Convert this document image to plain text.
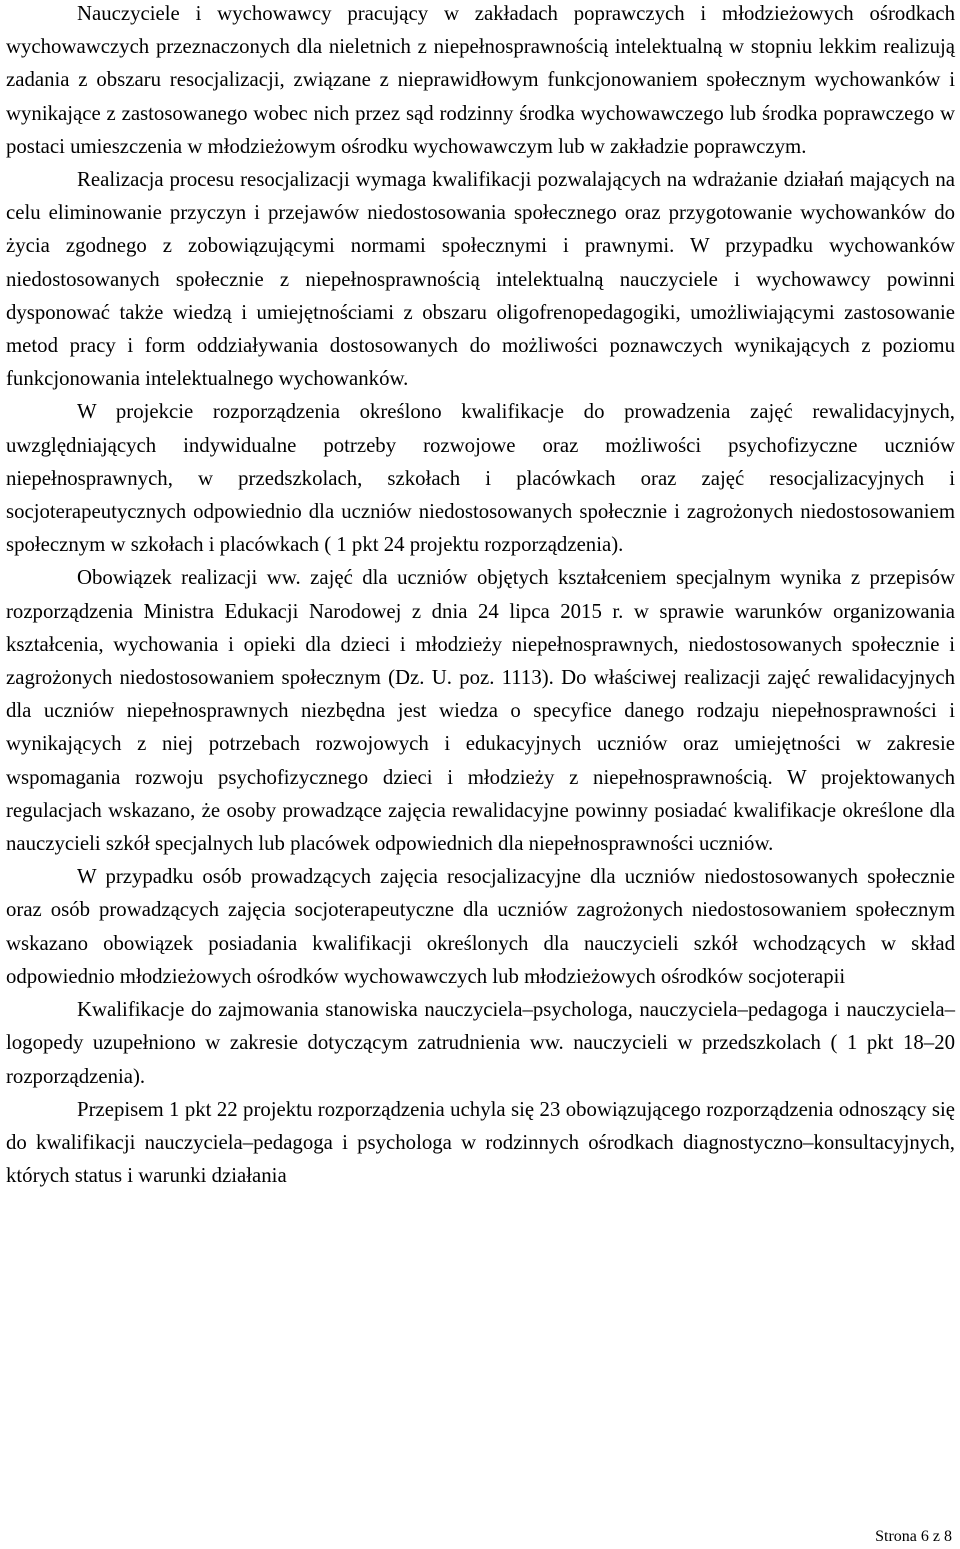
Nauczyciele i wychowawcy pracujący w zakładach poprawczych i młodzieżowych ośrodkach wychowawczych przeznaczonych dla nieletnich z niepełnosprawnością intelektualną w stopniu lekkim realizują zadania z obszaru resocjalizacji, związane z nieprawidłowym funkcjonowaniem społecznym wychowanków i wynikające z zastosowanego wobec nich przez sąd rodzinny środka wychowawczego lub środka poprawczego w postaci umieszczenia w młodzieżowym ośrodku wychowawczym lub w zakładzie poprawczym.

Realizacja procesu resocjalizacji wymaga kwalifikacji pozwalających na wdrażanie działań mających na celu eliminowanie przyczyn i przejawów niedostosowania społecznego oraz przygotowanie wychowanków do życia zgodnego z zobowiązującymi normami społecznymi i prawnymi. W przypadku wychowanków niedostosowanych społecznie z niepełnosprawnością intelektualną nauczyciele i wychowawcy powinni dysponować także wiedzą i umiejętnościami z obszaru oligofrenopedagogiki, umożliwiającymi zastosowanie metod pracy i form oddziaływania dostosowanych do możliwości poznawczych wynikających z poziomu funkcjonowania intelektualnego wychowanków.

W projekcie rozporządzenia określono kwalifikacje do prowadzenia zajęć rewalidacyjnych, uwzględniających indywidualne potrzeby rozwojowe oraz możliwości psychofizyczne uczniów niepełnosprawnych, w przedszkolach, szkołach i placówkach oraz zajęć resocjalizacyjnych i socjoterapeutycznych odpowiednio dla uczniów niedostosowanych społecznie i zagrożonych niedostosowaniem społecznym w szkołach i placówkach ( 1 pkt 24 projektu rozporządzenia).

Obowiązek realizacji ww. zajęć dla uczniów objętych kształceniem specjalnym wynika z przepisów rozporządzenia Ministra Edukacji Narodowej z dnia 24 lipca 2015 r. w sprawie warunków organizowania kształcenia, wychowania i opieki dla dzieci i młodzieży niepełnosprawnych, niedostosowanych społecznie i zagrożonych niedostosowaniem społecznym (Dz. U. poz. 1113). Do właściwej realizacji zajęć rewalidacyjnych dla uczniów niepełnosprawnych niezbędna jest wiedza o specyfice danego rodzaju niepełnosprawności i wynikających z niej potrzebach rozwojowych i edukacyjnych uczniów oraz umiejętności w zakresie wspomagania rozwoju psychofizycznego dzieci i młodzieży z niepełnosprawnością. W projektowanych regulacjach wskazano, że osoby prowadzące zajęcia rewalidacyjne powinny posiadać kwalifikacje określone dla nauczycieli szkół specjalnych lub placówek odpowiednich dla niepełnosprawności uczniów.

W przypadku osób prowadzących zajęcia resocjalizacyjne dla uczniów niedostosowanych społecznie oraz osób prowadzących zajęcia socjoterapeutyczne dla uczniów zagrożonych niedostosowaniem społecznym wskazano obowiązek posiadania kwalifikacji określonych dla nauczycieli szkół wchodzących w skład odpowiednio młodzieżowych ośrodków wychowawczych lub młodzieżowych ośrodków socjoterapii

Kwalifikacje do zajmowania stanowiska nauczyciela–psychologa, nauczyciela–pedagoga i nauczyciela–logopedy uzupełniono w zakresie dotyczącym zatrudnienia ww. nauczycieli w przedszkolach ( 1 pkt 18–20 rozporządzenia).

Przepisem 1 pkt 22 projektu rozporządzenia uchyla się 23 obowiązującego rozporządzenia odnoszący się do kwalifikacji nauczyciela–pedagoga i psychologa w rodzinnych ośrodkach diagnostyczno–konsultacyjnych, których status i warunki działania

Strona 6 z 8
